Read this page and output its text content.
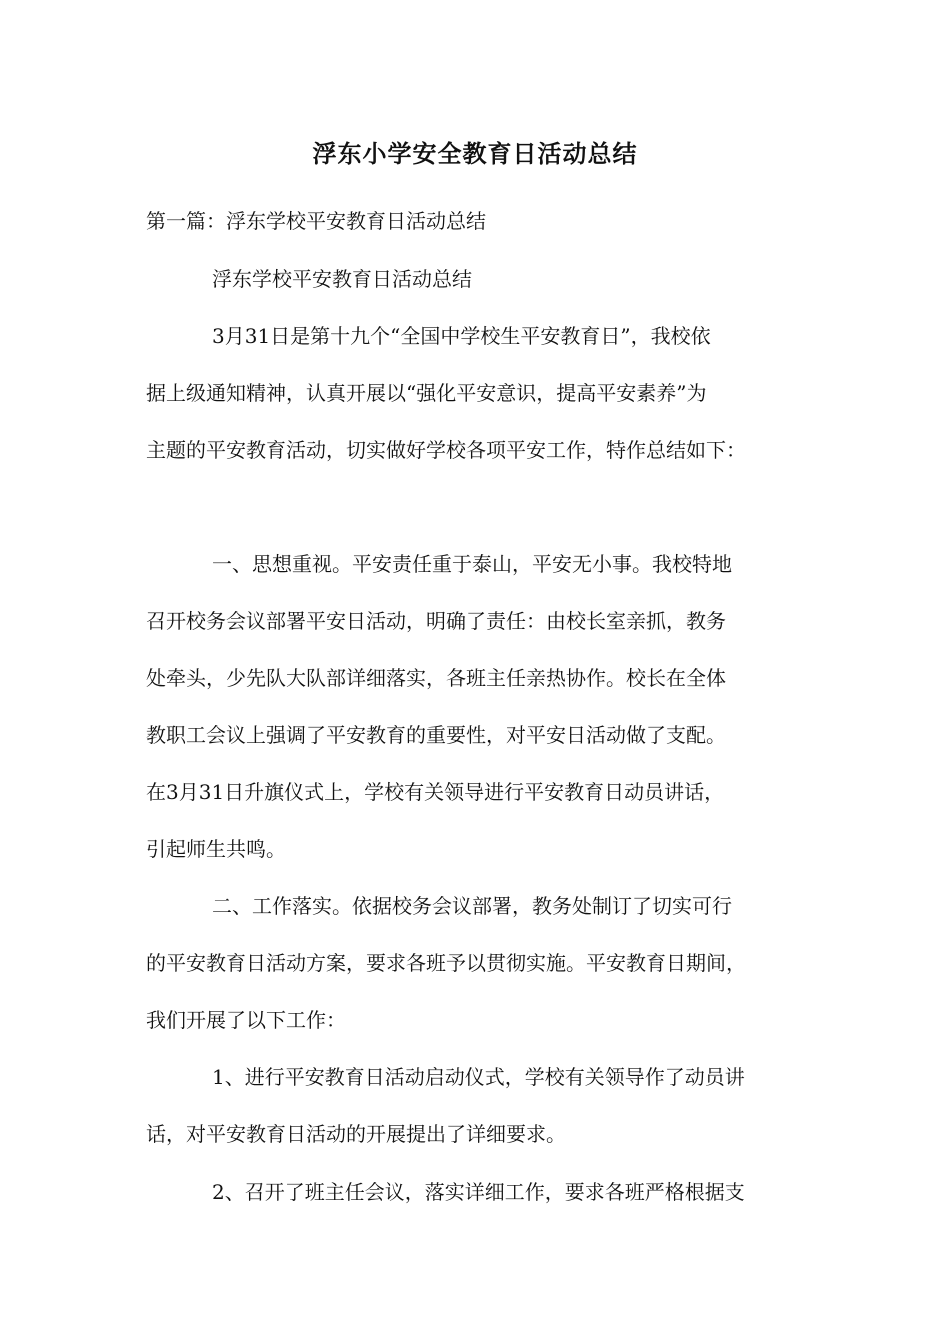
浮东小学安全教育日活动总结
第一篇：浮东学校平安教育日活动总结
浮东学校平安教育日活动总结
3月31日是第十九个“全国中学校生平安教育日”，我校依
据上级通知精神，认真开展以“强化平安意识，提高平安素养”为
主题的平安教育活动，切实做好学校各项平安工作，特作总结如下：
一、思想重视。平安责任重于泰山，平安无小事。我校特地
召开校务会议部署平安日活动，明确了责任：由校长室亲抓，教务
处牵头，少先队大队部详细落实，各班主任亲热协作。校长在全体
教职工会议上强调了平安教育的重要性，对平安日活动做了支配。
在3月31日升旗仪式上，学校有关领导进行平安教育日动员讲话，
引起师生共鸣。
二、工作落实。依据校务会议部署，教务处制订了切实可行
的平安教育日活动方案，要求各班予以贯彻实施。平安教育日期间，
我们开展了以下工作：
1、进行平安教育日活动启动仪式，学校有关领导作了动员讲
话，对平安教育日活动的开展提出了详细要求。
2、召开了班主任会议，落实详细工作，要求各班严格根据支
